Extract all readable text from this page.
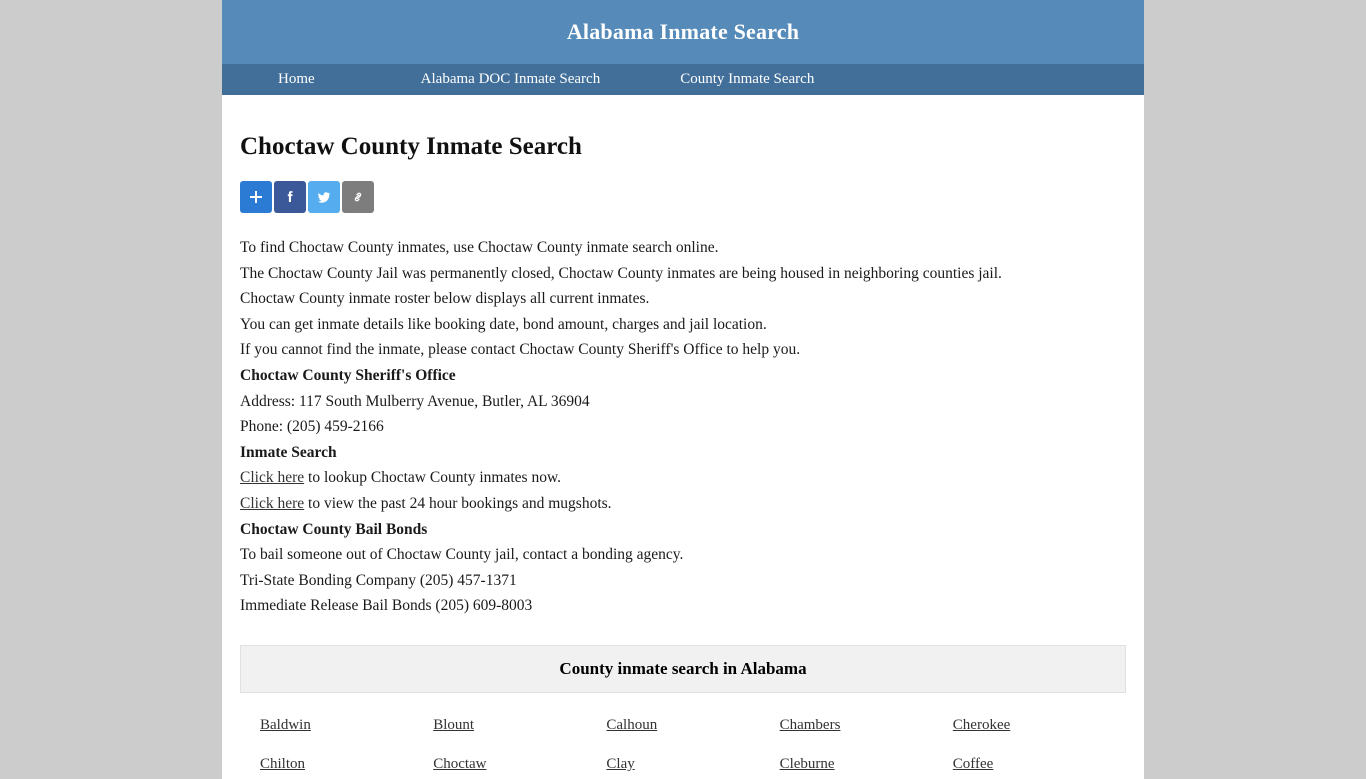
Alabama Inmate Search
Home	Alabama DOC Inmate Search	County Inmate Search
Choctaw County Inmate Search

To find Choctaw County inmates, use Choctaw County inmate search online.

The Choctaw County Jail was permanently closed, Choctaw County inmates are being housed in neighboring counties jail.

Choctaw County inmate roster below displays all current inmates.

You can get inmate details like booking date, bond amount, charges and jail location.

If you cannot find the inmate, please contact Choctaw County Sheriff's Office to help you.

Choctaw County Sheriff's Office

Address: 117 South Mulberry Avenue, Butler, AL 36904

Phone: (205) 459-2166

Inmate Search

Click here to lookup Choctaw County inmates now.

Click here to view the past 24 hour bookings and mugshots.

Choctaw County Bail Bonds

To bail someone out of Choctaw County jail, contact a bonding agency.

Tri-State Bonding Company (205) 457-1371

Immediate Release Bail Bonds (205) 609-8003

County inmate search in Alabama
Baldwin	Blount	Calhoun	Chambers	Cherokee
Chilton	Choctaw	Clay	Cleburne	Coffee
